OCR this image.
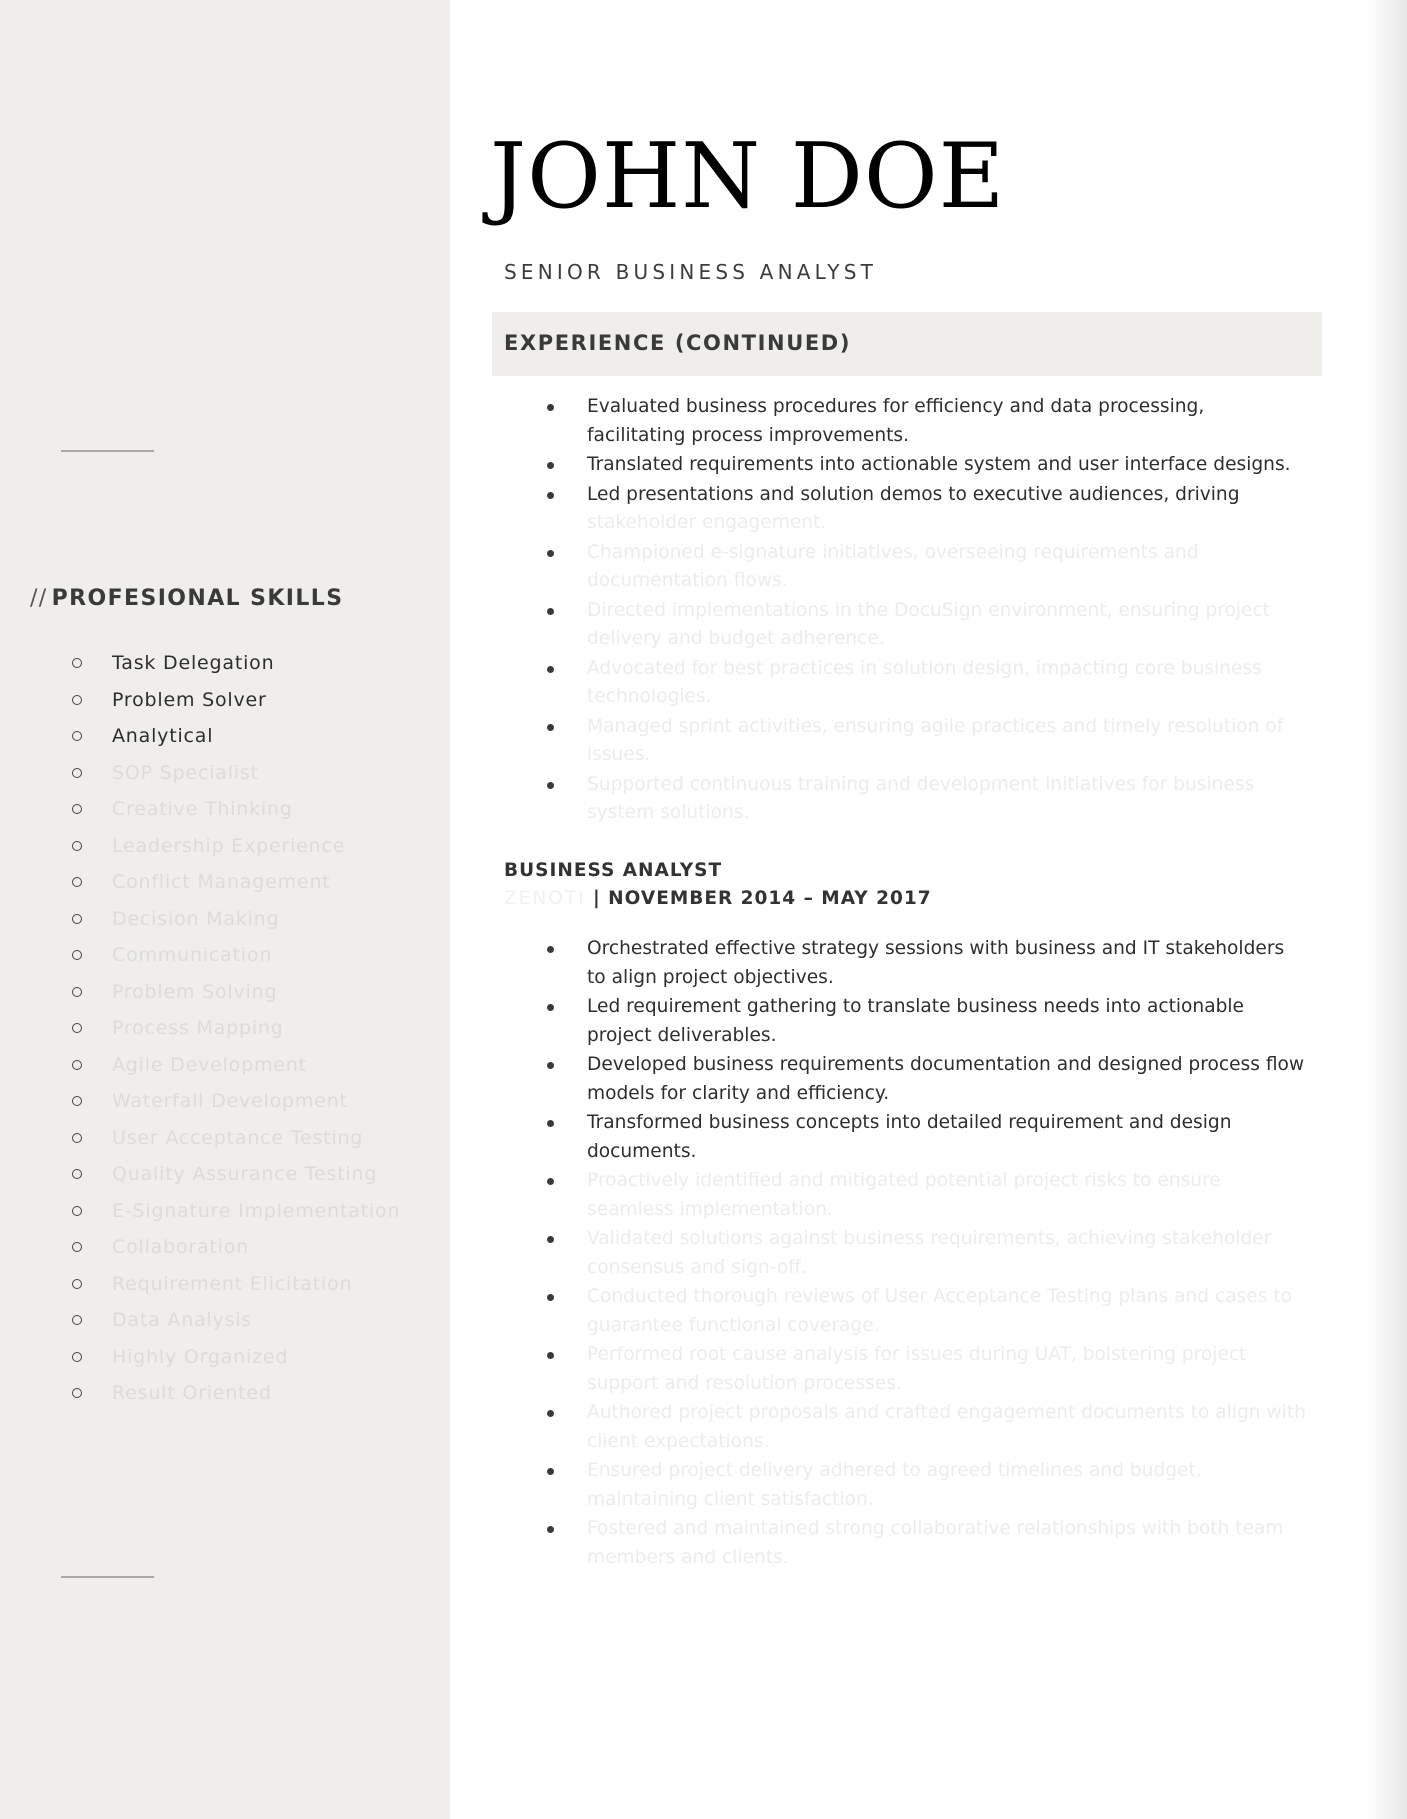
// PROFESIONAL SKILLS
Task Delegation
Problem Solver
Analytical
SOP Specialist
Creative Thinking
Leadership Experience
Conflict Management
Decision Making
Communication
Problem Solving
Process Mapping
Agile Development
Waterfall Development
User Acceptance Testing
Quality Assurance Testing
E-Signature Implementation
Collaboration
Requirement Elicitation
Data Analysis
Highly Organized
Result Oriented
JOHN DOE
SENIOR BUSINESS ANALYST
EXPERIENCE (CONTINUED)
Evaluated business procedures for efficiency and data processing, facilitating process improvements.
Translated requirements into actionable system and user interface designs.
Led presentations and solution demos to executive audiences, driving stakeholder engagement.
Championed e-signature initiatives, overseeing requirements and documentation flows.
Directed implementations in the DocuSign environment, ensuring project delivery and budget adherence.
Advocated for best practices in solution design, impacting core business technologies.
Managed sprint activities, ensuring agile practices and timely resolution of issues.
Supported continuous training and development initiatives for business system solutions.
BUSINESS ANALYST
ZENOTI | NOVEMBER 2014 – MAY 2017
Orchestrated effective strategy sessions with business and IT stakeholders to align project objectives.
Led requirement gathering to translate business needs into actionable project deliverables.
Developed business requirements documentation and designed process flow models for clarity and efficiency.
Transformed business concepts into detailed requirement and design documents.
Proactively identified and mitigated potential project risks to ensure seamless implementation.
Validated solutions against business requirements, achieving stakeholder consensus and sign-off.
Conducted thorough reviews of User Acceptance Testing plans and cases to guarantee functional coverage.
Performed root cause analysis for issues during UAT, bolstering project support and resolution processes.
Authored project proposals and crafted engagement documents to align with client expectations.
Ensured project delivery adhered to agreed timelines and budget, maintaining client satisfaction.
Fostered and maintained strong collaborative relationships with both team members and clients.
